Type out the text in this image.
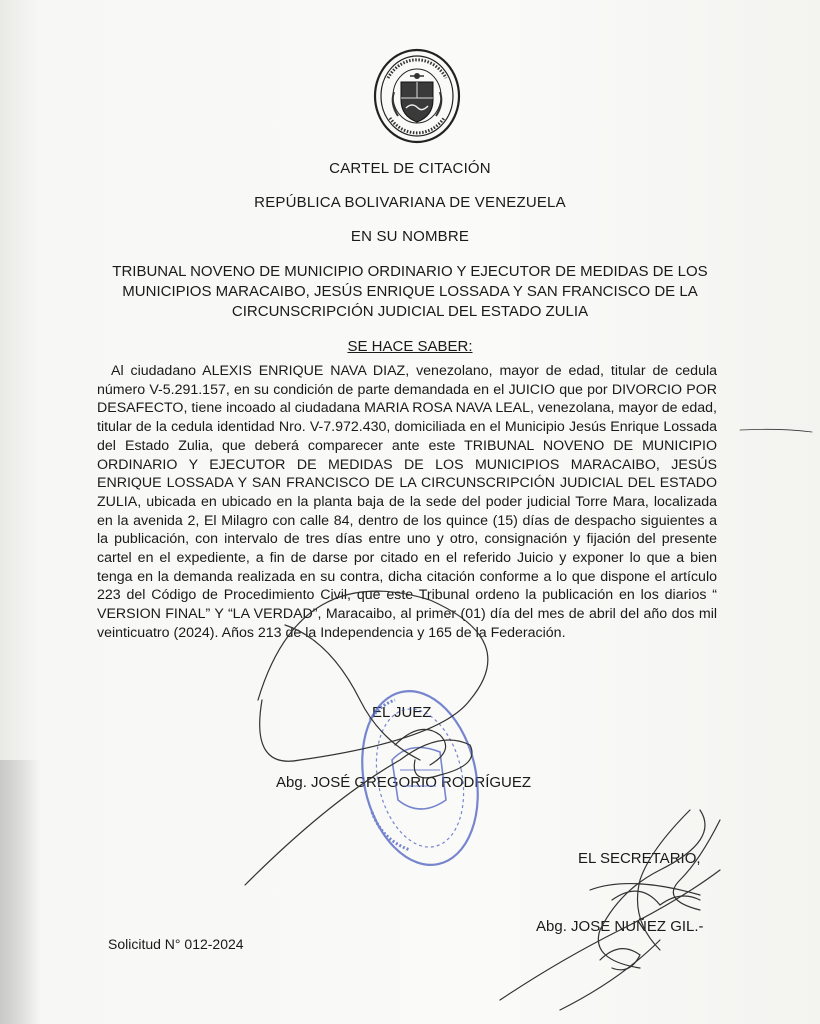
CARTEL DE CITACIÓN
REPÚBLICA BOLIVARIANA DE VENEZUELA
EN SU NOMBRE
TRIBUNAL NOVENO DE MUNICIPIO ORDINARIO Y EJECUTOR DE MEDIDAS DE LOS MUNICIPIOS MARACAIBO, JESÚS ENRIQUE LOSSADA Y SAN FRANCISCO DE LA CIRCUNSCRIPCIÓN JUDICIAL DEL ESTADO ZULIA
SE HACE SABER:
Al ciudadano ALEXIS ENRIQUE NAVA DIAZ, venezolano, mayor de edad, titular de cedula número V-5.291.157, en su condición de parte demandada en el JUICIO que por DIVORCIO POR DESAFECTO, tiene incoado al ciudadana MARIA ROSA NAVA LEAL, venezolana, mayor de edad, titular de la cedula identidad Nro. V-7.972.430, domiciliada en el Municipio Jesús Enrique Lossada del Estado Zulia, que deberá comparecer ante este TRIBUNAL NOVENO DE MUNICIPIO ORDINARIO Y EJECUTOR DE MEDIDAS DE LOS MUNICIPIOS MARACAIBO, JESÚS ENRIQUE LOSSADA Y SAN FRANCISCO DE LA CIRCUNSCRIPCIÓN JUDICIAL DEL ESTADO ZULIA, ubicada en ubicado en la planta baja de la sede del poder judicial Torre Mara, localizada en la avenida 2, El Milagro con calle 84, dentro de los quince (15) días de despacho siguientes a la publicación, con intervalo de tres días entre uno y otro, consignación y fijación del presente cartel en el expediente, a fin de darse por citado en el referido Juicio y exponer lo que a bien tenga en la demanda realizada en su contra, dicha citación conforme a lo que dispone el artículo 223 del Código de Procedimiento Civil, que este Tribunal ordeno la publicación en los diarios “ VERSION FINAL” Y “LA VERDAD”, Maracaibo, al primer (01) día del mes de abril del año dos mil veinticuatro (2024). Años 213 de la Independencia y 165 de la Federación.
EL JUEZ
Abg. JOSÉ GREGORIO RODRÍGUEZ
EL SECRETARIO,
Abg. JOSE NUÑEZ GIL.-
Solicitud N° 012-2024
